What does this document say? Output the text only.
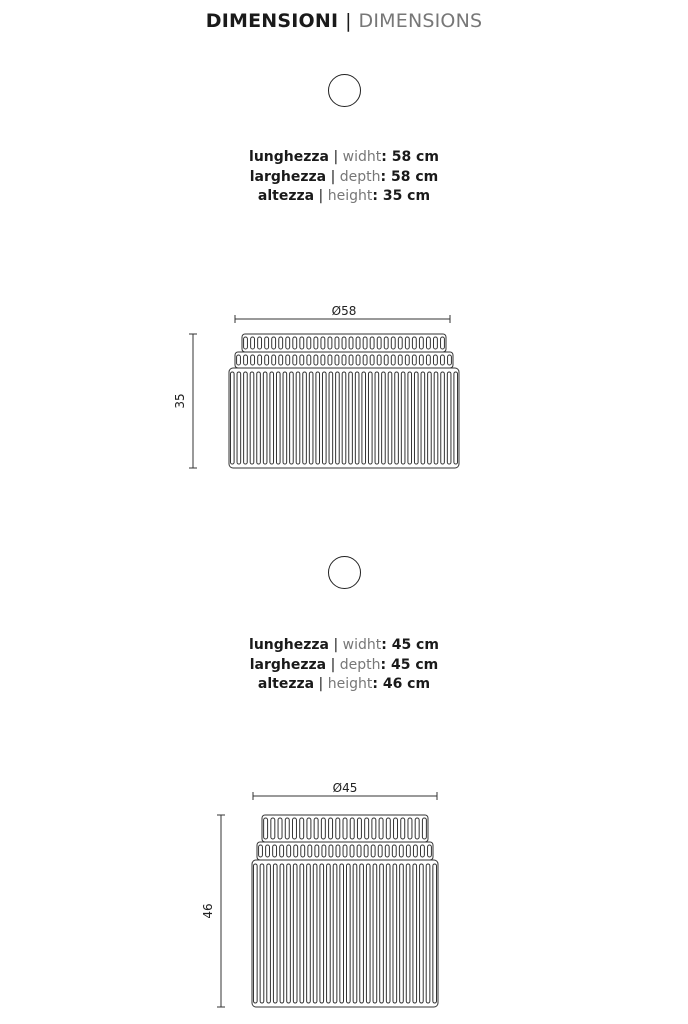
DIMENSIONI | DIMENSIONS
lunghezza | widht: 58 cm
larghezza | depth: 58 cm
altezza | height: 35 cm
Ø58
35
lunghezza | widht: 45 cm
larghezza | depth: 45 cm
altezza | height: 46 cm
Ø45
46
